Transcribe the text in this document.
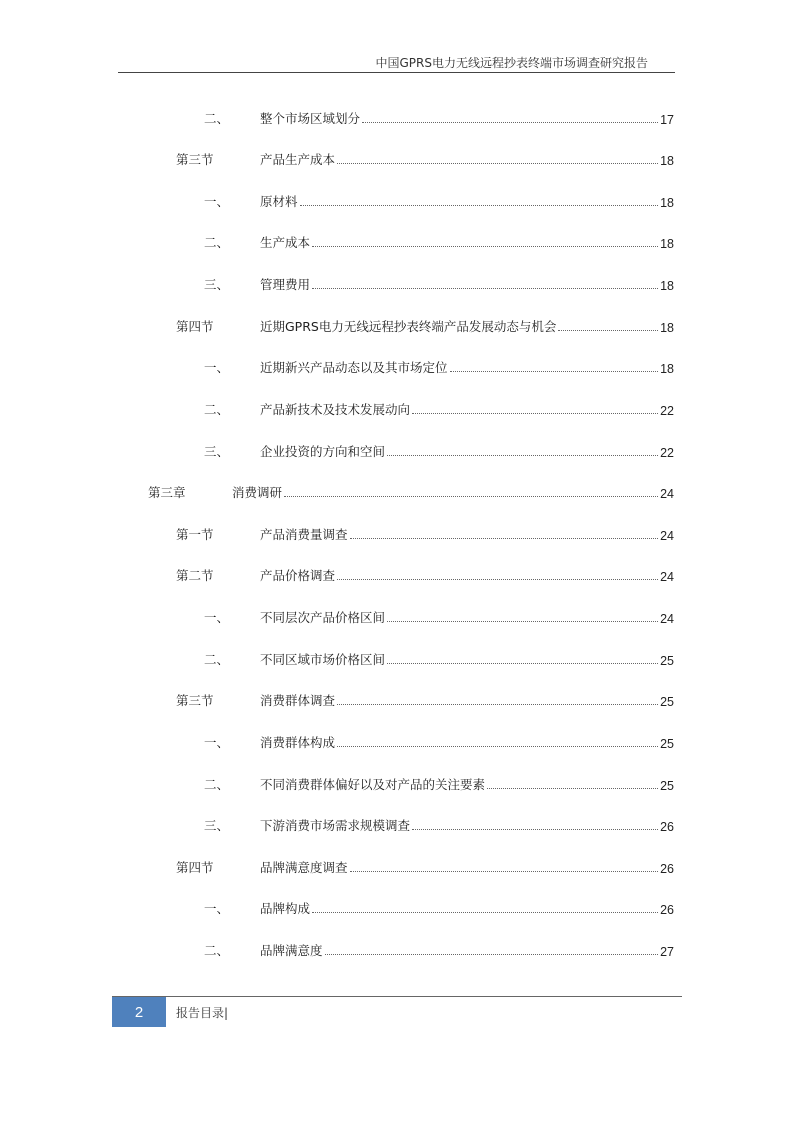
中国GPRS电力无线远程抄表终端市场调查研究报告
二、	整个市场区域划分	17
第三节	产品生产成本	18
一、	原材料	18
二、	生产成本	18
三、	管理费用	18
第四节	近期GPRS电力无线远程抄表终端产品发展动态与机会	18
一、	近期新兴产品动态以及其市场定位	18
二、	产品新技术及技术发展动向	22
三、	企业投资的方向和空间	22
第三章	消费调研	24
第一节	产品消费量调查	24
第二节	产品价格调查	24
一、	不同层次产品价格区间	24
二、	不同区域市场价格区间	25
第三节	消费群体调查	25
一、	消费群体构成	25
二、	不同消费群体偏好以及对产品的关注要素	25
三、	下游消费市场需求规模调查	26
第四节	品牌满意度调查	26
一、	品牌构成	26
二、	品牌满意度	27
2	报告目录|
